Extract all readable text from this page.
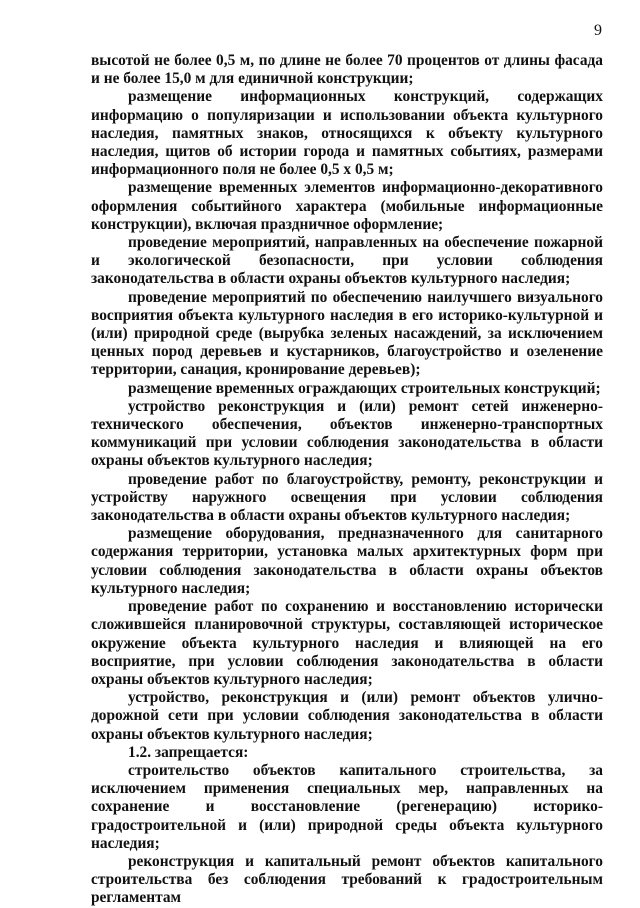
9

высотой не более 0,5 м, по длине не более 70 процентов от длины фасада и не более 15,0 м для единичной конструкции;

размещение информационных конструкций, содержащих информацию о популяризации и использовании объекта культурного наследия, памятных знаков, относящихся к объекту культурного наследия, щитов об истории города и памятных событиях, размерами информационного поля не более 0,5 х 0,5 м;

размещение временных элементов информационно-декоративного оформления событийного характера (мобильные информационные конструкции), включая праздничное оформление;

проведение мероприятий, направленных на обеспечение пожарной и экологической безопасности, при условии соблюдения законодательства в области охраны объектов культурного наследия;

проведение мероприятий по обеспечению наилучшего визуального восприятия объекта культурного наследия в его историко-культурной и (или) природной среде (вырубка зеленых насаждений, за исключением ценных пород деревьев и кустарников, благоустройство и озеленение территории, санация, кронирование деревьев);

размещение временных ограждающих строительных конструкций;

устройство реконструкция и (или) ремонт сетей инженерно-технического обеспечения, объектов инженерно-транспортных коммуникаций при условии соблюдения законодательства в области охраны объектов культурного наследия;

проведение работ по благоустройству, ремонту, реконструкции и устройству наружного освещения при условии соблюдения законодательства в области охраны объектов культурного наследия;

размещение оборудования, предназначенного для санитарного содержания территории, установка малых архитектурных форм при условии соблюдения законодательства в области охраны объектов культурного наследия;

проведение работ по сохранению и восстановлению исторически сложившейся планировочной структуры, составляющей историческое окружение объекта культурного наследия и влияющей на его восприятие, при условии соблюдения законодательства в области охраны объектов культурного наследия;

устройство, реконструкция и (или) ремонт объектов улично-дорожной сети при условии соблюдения законодательства в области охраны объектов культурного наследия;

1.2. запрещается:

строительство объектов капитального строительства, за исключением применения специальных мер, направленных на сохранение и восстановление (регенерацию) историко-градостроительной и (или) природной среды объекта культурного наследия;

реконструкция и капитальный ремонт объектов капитального строительства без соблюдения требований к градостроительным регламентам
